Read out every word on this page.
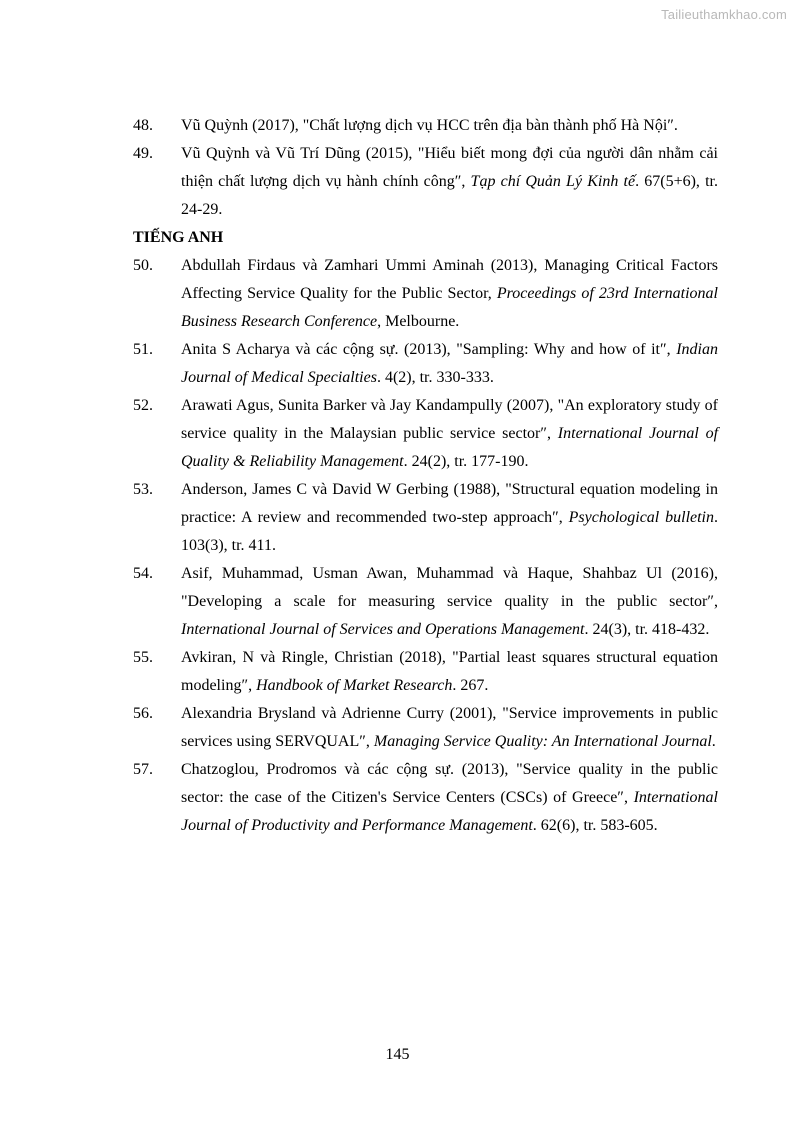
Tailieuthamkhao.com
48.	Vũ Quỳnh (2017), "Chất lượng dịch vụ HCC trên địa bàn thành phố Hà Nội″.
49.	Vũ Quỳnh và Vũ Trí Dũng (2015), "Hiểu biết mong đợi của người dân nhằm cải thiện chất lượng dịch vụ hành chính công″, Tạp chí Quản Lý Kinh tế. 67(5+6), tr. 24-29.
TIẾNG ANH
50.	Abdullah Firdaus và Zamhari Ummi Aminah (2013), Managing Critical Factors Affecting Service Quality for the Public Sector, Proceedings of 23rd International Business Research Conference, Melbourne.
51.	Anita S Acharya và các cộng sự. (2013), "Sampling: Why and how of it″, Indian Journal of Medical Specialties. 4(2), tr. 330-333.
52.	Arawati Agus, Sunita Barker và Jay Kandampully (2007), "An exploratory study of service quality in the Malaysian public service sector″, International Journal of Quality & Reliability Management. 24(2), tr. 177-190.
53.	Anderson, James C và David W Gerbing (1988), "Structural equation modeling in practice: A review and recommended two-step approach″, Psychological bulletin. 103(3), tr. 411.
54.	Asif, Muhammad, Usman Awan, Muhammad và Haque, Shahbaz Ul (2016), "Developing a scale for measuring service quality in the public sector″, International Journal of Services and Operations Management. 24(3), tr. 418-432.
55.	Avkiran, N và Ringle, Christian (2018), "Partial least squares structural equation modeling″, Handbook of Market Research. 267.
56.	Alexandria Brysland và Adrienne Curry (2001), "Service improvements in public services using SERVQUAL″, Managing Service Quality: An International Journal.
57.	Chatzoglou, Prodromos và các cộng sự. (2013), "Service quality in the public sector: the case of the Citizen's Service Centers (CSCs) of Greece″, International Journal of Productivity and Performance Management. 62(6), tr. 583-605.
145
